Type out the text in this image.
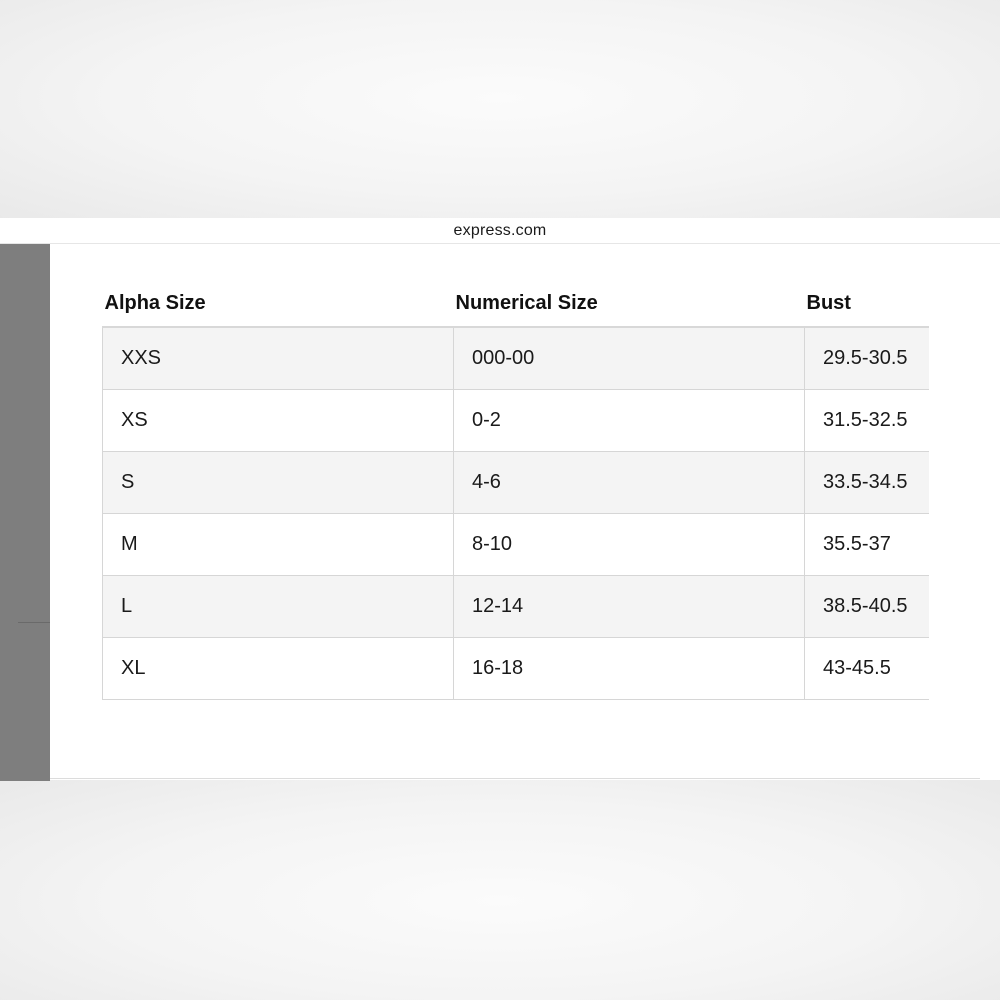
express.com
Alpha Size	Numerical Size	Bust
XXS	000-00	29.5-30.5
XS	0-2	31.5-32.5
S	4-6	33.5-34.5
M	8-10	35.5-37
L	12-14	38.5-40.5
XL	16-18	43-45.5
